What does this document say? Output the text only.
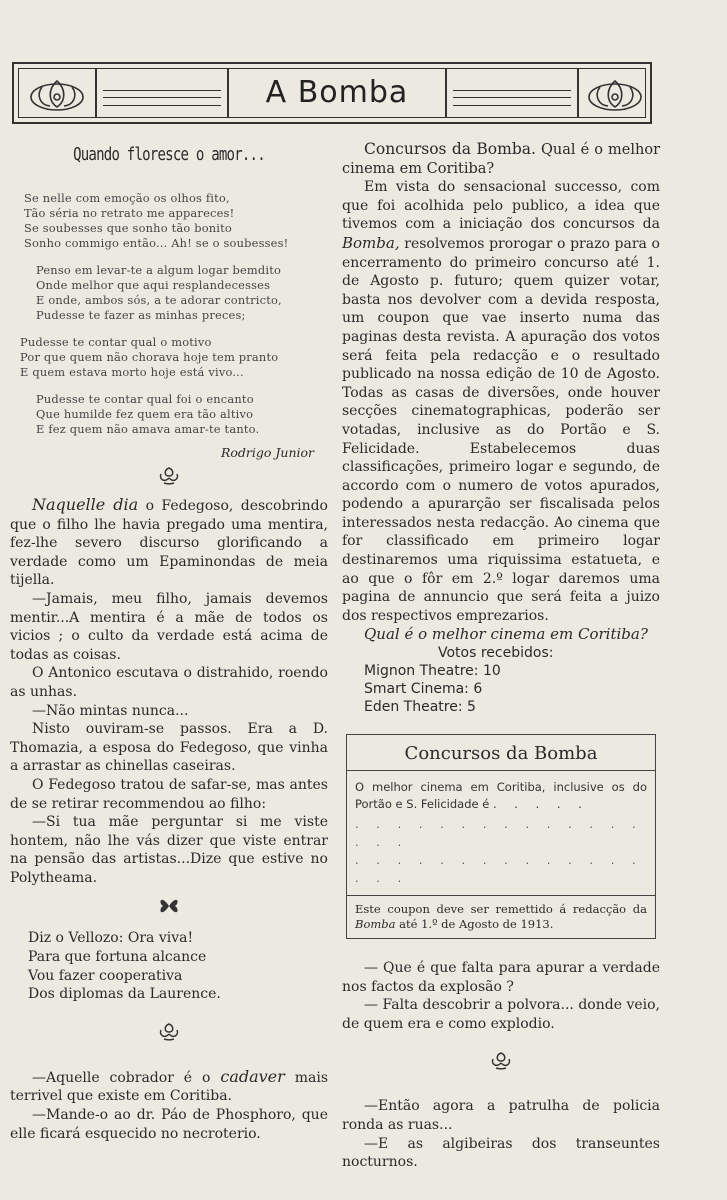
A Bomba
Quando floresce o amor...
Se nelle com emoção os olhos fito,
Tão séria no retrato me appareces!
Se soubesses que sonho tão bonito
Sonho commigo então... Ah! se o soubesses!
Penso em levar-te a algum logar bemdito
Onde melhor que aqui resplandecesses
E onde, ambos sós, a te adorar contricto,
Pudesse te fazer as minhas preces;
Pudesse te contar qual o motivo
Por que quem não chorava hoje tem pranto
E quem estava morto hoje está vivo...
Pudesse te contar qual foi o encanto
Que humilde fez quem era tão altivo
E fez quem não amava amar-te tanto.
Rodrigo Junior

Naquelle dia o Fedegoso, descobrindo que o filho lhe havia pregado uma mentira, fez-lhe severo discurso glorificando a verdade como um Epaminondas de meia tijella.

—Jamais, meu filho, jamais devemos mentir...A mentira é a mãe de todos os vicios ; o culto da verdade está acima de todas as coisas.

O Antonico escutava o distrahido, roendo as unhas.

—Não mintas nunca...

Nisto ouviram-se passos. Era a D. Thomazia, a esposa do Fedegoso, que vinha a arrastar as chinellas caseiras.

O Fedegoso tratou de safar-se, mas antes de se retirar recommendou ao filho:

—Si tua mãe perguntar si me viste hontem, não lhe vás dizer que viste entrar na pensão das artistas...Dize que estive no Polytheama.

Diz o Vellozo: Ora viva!
Para que fortuna alcance
Vou fazer cooperativa
Dos diplomas da Laurence.

—Aquelle cobrador é o cadaver mais terrivel que existe em Coritiba.

—Mande-o ao dr. Páo de Phosphoro, que elle ficará esquecido no necroterio.

Concursos da Bomba. Qual é o melhor cinema em Coritiba?

Em vista do sensacional successo, com que foi acolhida pelo publico, a idea que tivemos com a iniciação dos concursos da Bomba, resolvemos prorogar o prazo para o encerramento do primeiro concurso até 1. de Agosto p. futuro; quem quizer votar, basta nos devolver com a devida resposta, um coupon que vae inserto numa das paginas desta revista. A apuração dos votos será feita pela redacção e o resultado publicado na nossa edição de 10 de Agosto. Todas as casas de diversões, onde houver secções cinematographicas, poderão ser votadas, inclusive as do Portão e S. Felicidade. Estabelecemos duas classificações, primeiro logar e segundo, de accordo com o numero de votos apurados, podendo a apurarção ser fiscalisada pelos interessados nesta redacção. Ao cinema que for classificado em primeiro logar destinaremos uma riquissima estatueta, e ao que o fôr em 2.º logar daremos uma pagina de annuncio que será feita a juizo dos respectivos emprezarios.

Qual é o melhor cinema em Coritiba?

Votos recebidos:
Mignon Theatre: 10
Smart Cinema: 6
Eden Theatre: 5
Concursos da Bomba
O melhor cinema em Coritiba, inclusive os do Portão e S. Felicidade é . . . . .
. . . . . . . . . . . . . . . . .
. . . . . . . . . . . . . . . . .
Este coupon deve ser remettido á redacção da Bomba até 1.º de Agosto de 1913.

— Que é que falta para apurar a verdade nos factos da explosão ?

— Falta descobrir a polvora... donde veio, de quem era e como explodio.

—Então agora a patrulha de policia ronda as ruas...

—E as algibeiras dos transeuntes nocturnos.
